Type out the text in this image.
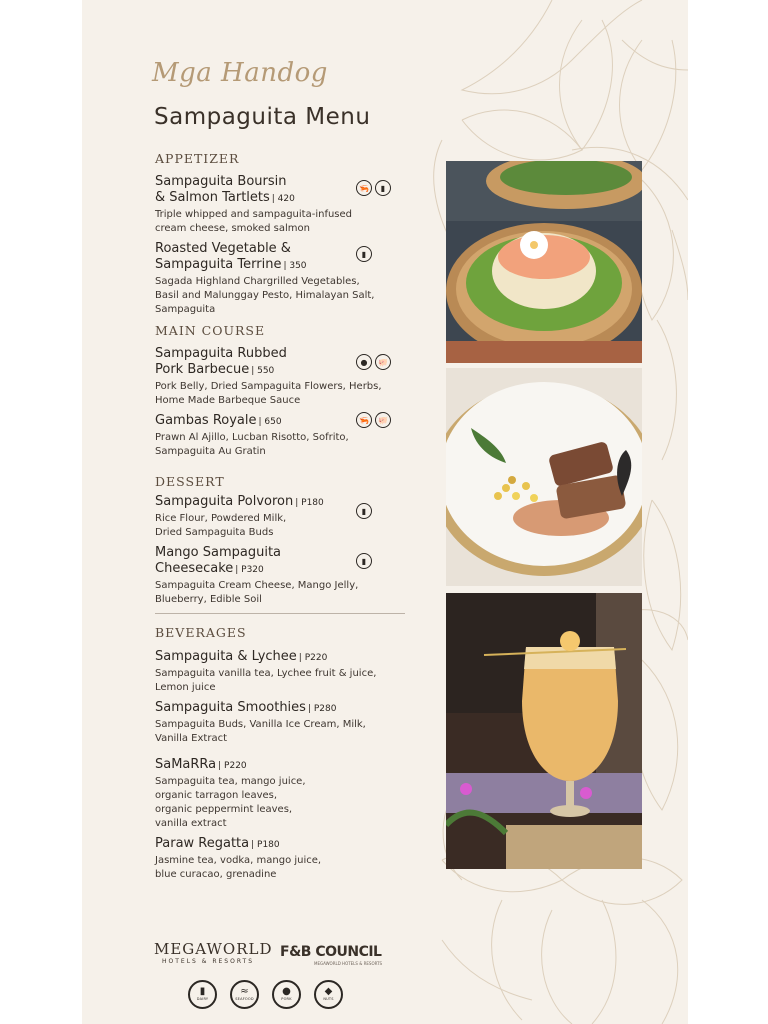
Mga Handog
Sampaguita Menu
APPETIZER
Sampaguita Boursin
& Salmon Tartlets | 420
Triple whipped and sampaguita-infused
cream cheese, smoked salmon
🦐	▮
Roasted Vegetable &
Sampaguita Terrine | 350
Sagada Highland Chargrilled Vegetables,
Basil and Malunggay Pesto, Himalayan Salt,
Sampaguita
▮
MAIN COURSE
Sampaguita Rubbed
Pork Barbecue | 550
Pork Belly, Dried Sampaguita Flowers, Herbs,
Home Made Barbeque Sauce
●	🐖
Gambas Royale | 650
Prawn Al Ajillo, Lucban Risotto, Sofrito,
Sampaguita Au Gratin
🦐	🐖
DESSERT
Sampaguita Polvoron | P180
Rice Flour, Powdered Milk,
Dried Sampaguita Buds
▮
Mango Sampaguita
Cheesecake | P320
Sampaguita Cream Cheese, Mango Jelly,
Blueberry, Edible Soil
▮
BEVERAGES
Sampaguita & Lychee | P220
Sampaguita vanilla tea, Lychee fruit & juice,
Lemon juice
Sampaguita Smoothies | P280
Sampaguita Buds, Vanilla Ice Cream, Milk,
Vanilla Extract
SaMaRRa | P220
Sampaguita tea, mango juice,
organic tarragon leaves,
organic peppermint leaves,
vanilla extract
Paraw Regatta | P180
Jasmine tea, vodka, mango juice,
blue curacao, grenadine
MEGAWORLD
HOTELS & RESORTS
F&B COUNCIL
MEGAWORLD HOTELS & RESORTS
▮
DAIRY
≈
SEAFOOD
●
PORK
◆
NUTS
